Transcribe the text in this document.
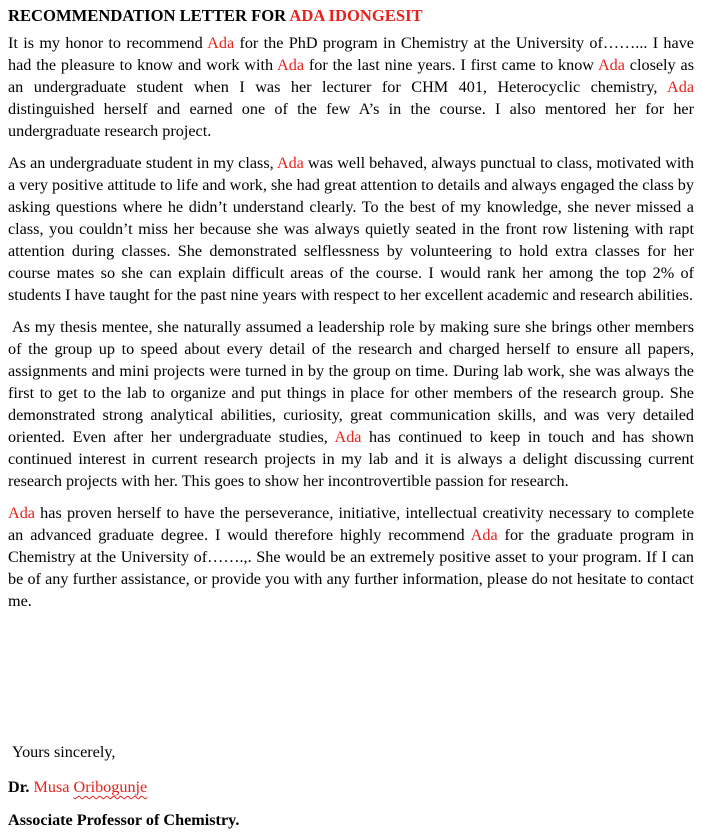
RECOMMENDATION LETTER FOR ADA IDONGESIT

It is my honor to recommend Ada for the PhD program in Chemistry at the University of……... I have had the pleasure to know and work with Ada for the last nine years. I first came to know Ada closely as an undergraduate student when I was her lecturer for CHM 401, Heterocyclic chemistry, Ada distinguished herself and earned one of the few A’s in the course. I also mentored her for her undergraduate research project.

As an undergraduate student in my class, Ada was well behaved, always punctual to class, motivated with a very positive attitude to life and work, she had great attention to details and always engaged the class by asking questions where he didn’t understand clearly. To the best of my knowledge, she never missed a class, you couldn’t miss her because she was always quietly seated in the front row listening with rapt attention during classes. She demonstrated selflessness by volunteering to hold extra classes for her course mates so she can explain difficult areas of the course. I would rank her among the top 2% of students I have taught for the past nine years with respect to her excellent academic and research abilities.

As my thesis mentee, she naturally assumed a leadership role by making sure she brings other members of the group up to speed about every detail of the research and charged herself to ensure all papers, assignments and mini projects were turned in by the group on time. During lab work, she was always the first to get to the lab to organize and put things in place for other members of the research group. She demonstrated strong analytical abilities, curiosity, great communication skills, and was very detailed oriented. Even after her undergraduate studies, Ada has continued to keep in touch and has shown continued interest in current research projects in my lab and it is always a delight discussing current research projects with her. This goes to show her incontrovertible passion for research.

Ada has proven herself to have the perseverance, initiative, intellectual creativity necessary to complete an advanced graduate degree. I would therefore highly recommend Ada for the graduate program in Chemistry at the University of…….,. She would be an extremely positive asset to your program. If I can be of any further assistance, or provide you with any further information, please do not hesitate to contact me.

Yours sincerely,
Dr. Musa Oribogunje
Associate Professor of Chemistry.
